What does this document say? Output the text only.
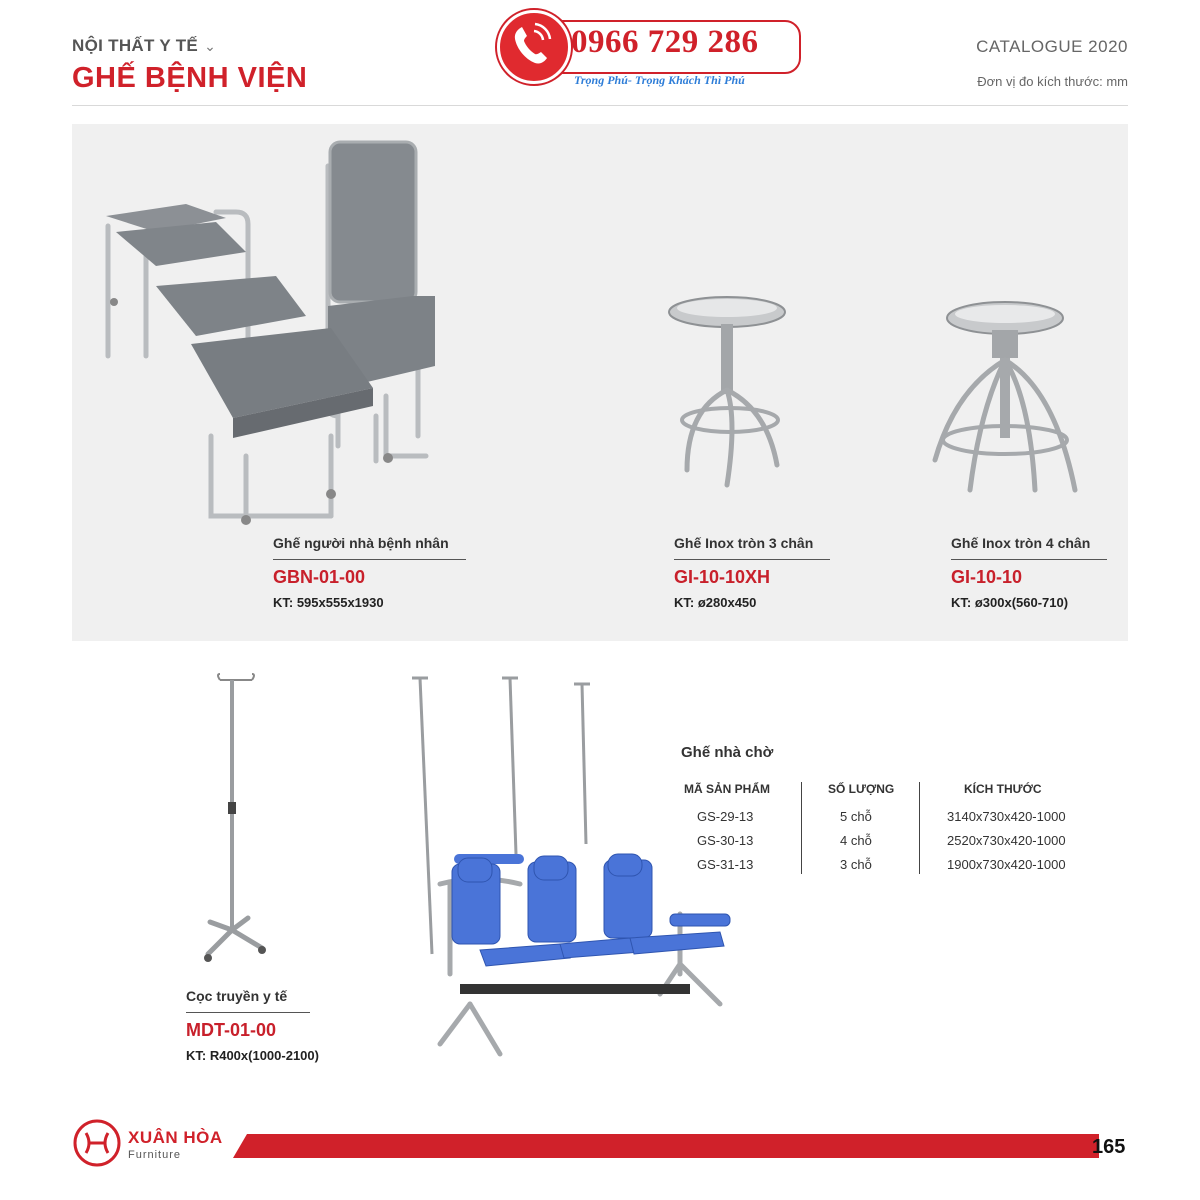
NỘI THẤT Y TẾ ⌄
GHẾ BỆNH VIỆN
CATALOGUE 2020
Đơn vị đo kích thước: mm
0966 729 286
Trọng Phú- Trọng Khách Thì Phú
Ghế người nhà bệnh nhân
GBN-01-00
KT: 595x555x1930
Ghế Inox tròn 3 chân
GI-10-10XH
KT: ø280x450
Ghế Inox tròn 4 chân
GI-10-10
KT: ø300x(560-710)
Cọc truyền y tế
MDT-01-00
KT: R400x(1000-2100)
Ghế nhà chờ
MÃ SẢN PHẨM	SỐ LƯỢNG	KÍCH THƯỚC
GS-29-13	5 chỗ	3140x730x420-1000
GS-30-13	4 chỗ	2520x730x420-1000
GS-31-13	3 chỗ	1900x730x420-1000
XUÂN HÒA
Furniture	165
